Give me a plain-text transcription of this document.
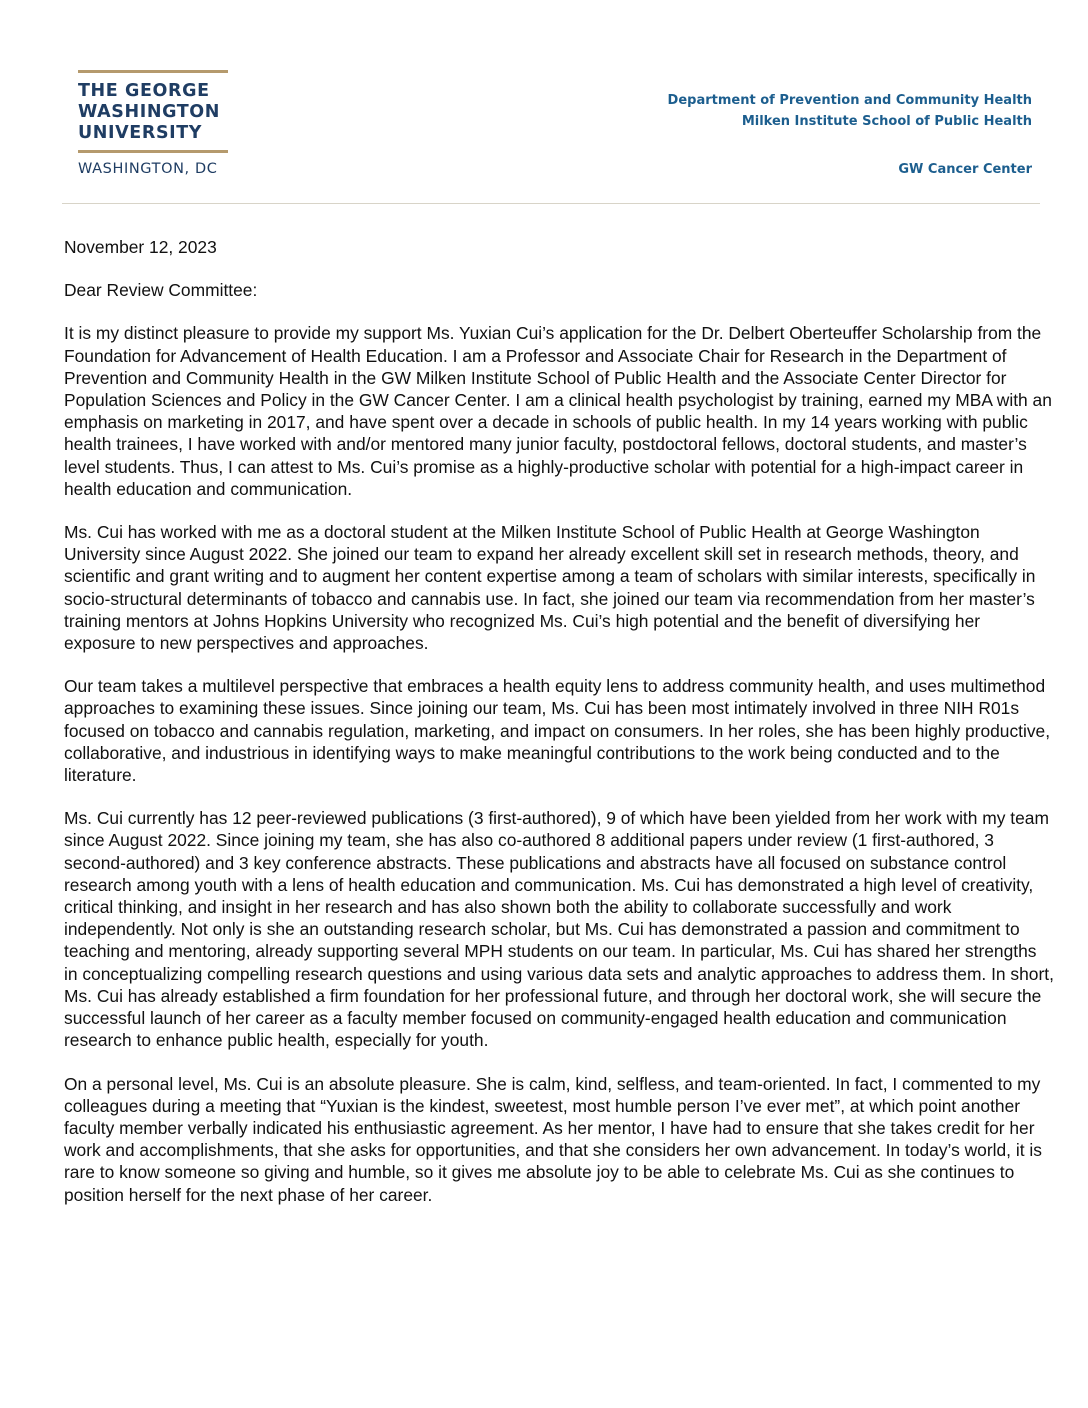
THE GEORGE
WASHINGTON
UNIVERSITY
WASHINGTON, DC
Department of Prevention and Community Health
Milken Institute School of Public Health
GW Cancer Center

November 12, 2023

Dear Review Committee:

It is my distinct pleasure to provide my support Ms. Yuxian Cui’s application for the Dr. Delbert Oberteuffer Scholarship from the Foundation for Advancement of Health Education. I am a Professor and Associate Chair for Research in the Department of Prevention and Community Health in the GW Milken Institute School of Public Health and the Associate Center Director for Population Sciences and Policy in the GW Cancer Center. I am a clinical health psychologist by training, earned my MBA with an emphasis on marketing in 2017, and have spent over a decade in schools of public health. In my 14 years working with public health trainees, I have worked with and/or mentored many junior faculty, postdoctoral fellows, doctoral students, and master’s level students. Thus, I can attest to Ms. Cui’s promise as a highly-productive scholar with potential for a high-impact career in health education and communication.

Ms. Cui has worked with me as a doctoral student at the Milken Institute School of Public Health at George Washington University since August 2022. She joined our team to expand her already excellent skill set in research methods, theory, and scientific and grant writing and to augment her content expertise among a team of scholars with similar interests, specifically in socio-structural determinants of tobacco and cannabis use. In fact, she joined our team via recommendation from her master’s training mentors at Johns Hopkins University who recognized Ms. Cui’s high potential and the benefit of diversifying her exposure to new perspectives and approaches.

Our team takes a multilevel perspective that embraces a health equity lens to address community health, and uses multimethod approaches to examining these issues. Since joining our team, Ms. Cui has been most intimately involved in three NIH R01s focused on tobacco and cannabis regulation, marketing, and impact on consumers. In her roles, she has been highly productive, collaborative, and industrious in identifying ways to make meaningful contributions to the work being conducted and to the literature.

Ms. Cui currently has 12 peer-reviewed publications (3 first-authored), 9 of which have been yielded from her work with my team since August 2022. Since joining my team, she has also co-authored 8 additional papers under review (1 first-authored, 3 second-authored) and 3 key conference abstracts. These publications and abstracts have all focused on substance control research among youth with a lens of health education and communication. Ms. Cui has demonstrated a high level of creativity, critical thinking, and insight in her research and has also shown both the ability to collaborate successfully and work independently. Not only is she an outstanding research scholar, but Ms. Cui has demonstrated a passion and commitment to teaching and mentoring, already supporting several MPH students on our team. In particular, Ms. Cui has shared her strengths in conceptualizing compelling research questions and using various data sets and analytic approaches to address them. In short, Ms. Cui has already established a firm foundation for her professional future, and through her doctoral work, she will secure the successful launch of her career as a faculty member focused on community-engaged health education and communication research to enhance public health, especially for youth.

On a personal level, Ms. Cui is an absolute pleasure. She is calm, kind, selfless, and team-oriented. In fact, I commented to my colleagues during a meeting that “Yuxian is the kindest, sweetest, most humble person I’ve ever met”, at which point another faculty member verbally indicated his enthusiastic agreement. As her mentor, I have had to ensure that she takes credit for her work and accomplishments, that she asks for opportunities, and that she considers her own advancement. In today’s world, it is rare to know someone so giving and humble, so it gives me absolute joy to be able to celebrate Ms. Cui as she continues to position herself for the next phase of her career.
